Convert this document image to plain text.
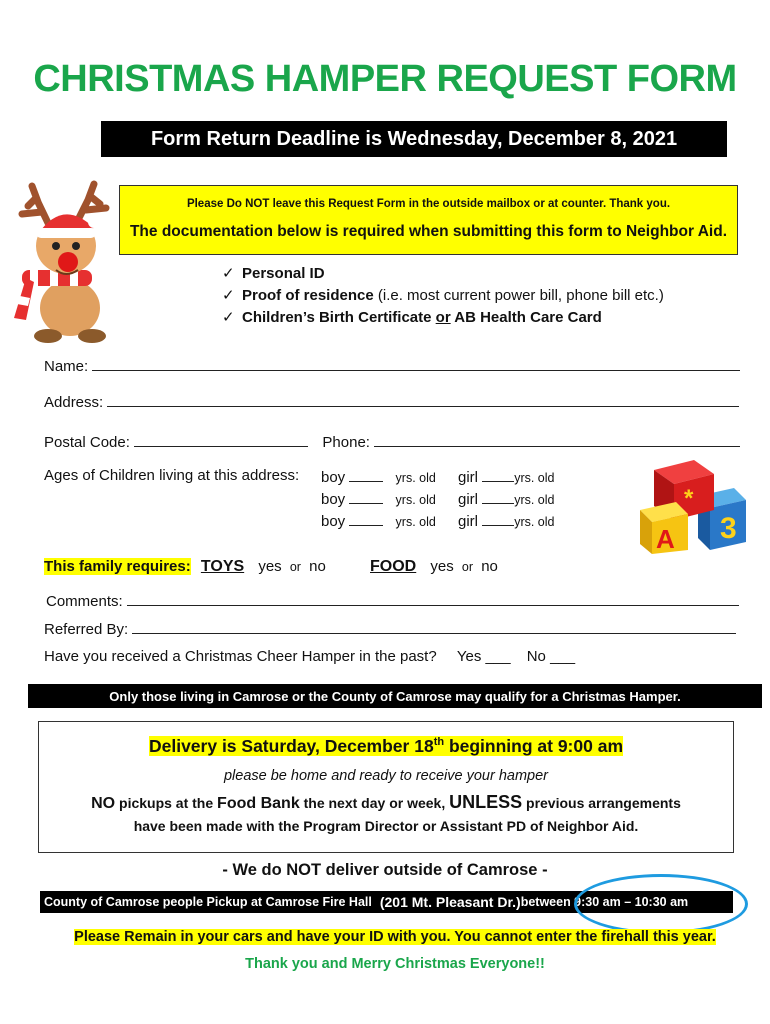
CHRISTMAS HAMPER REQUEST FORM
Form Return Deadline is Wednesday, December 8, 2021
Please Do NOT leave this Request Form in the outside mailbox or at counter. Thank you.
The documentation below is required when submitting this form to Neighbor Aid.
✓ Personal ID
✓ Proof of residence (i.e. most current power bill, phone bill etc.)
✓ Children’s Birth Certificate or AB Health Care Card
Name:
Address:
Postal Code:	Phone:
Ages of Children living at this address: boy	yrs. old girl	yrs. old
boy	yrs. old girl	yrs. old
boy	yrs. old girl	yrs. old	3
*
A
This family requires: TOYS yes or no	FOOD yes or no
Comments:
Referred By:
Have you received a Christmas Cheer Hamper in the past? Yes ___ No ___
Only those living in Camrose or the County of Camrose may qualify for a Christmas Hamper.
Delivery is Saturday, December 18th beginning at 9:00 am
please be home and ready to receive your hamper
NO pickups at the Food Bank the next day or week, UNLESS previous arrangements
have been made with the Program Director or Assistant PD of Neighbor Aid.
- We do NOT deliver outside of Camrose -
County of Camrose people Pickup at Camrose Fire Hall (201 Mt. Pleasant Dr.) between 9:30 am – 10:30 am
Please Remain in your cars and have your ID with you. You cannot enter the firehall this year.
Thank you and Merry Christmas Everyone!!
